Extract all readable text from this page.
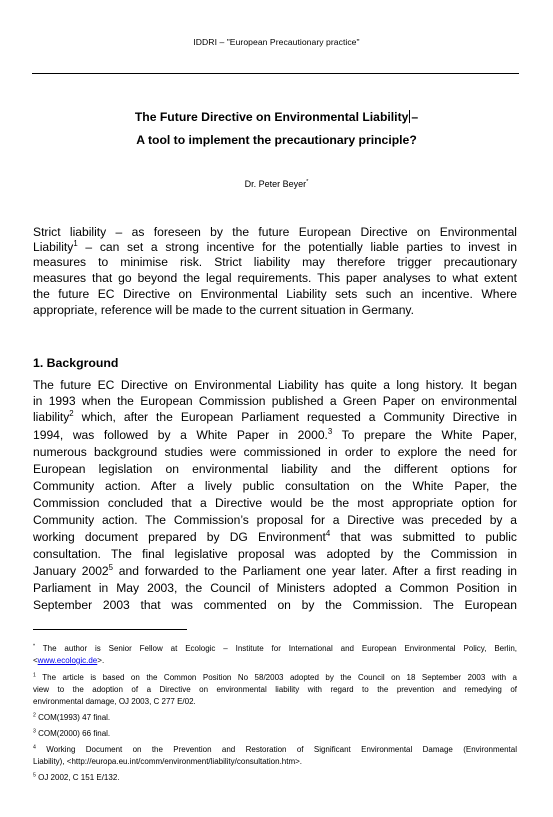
IDDRI – "European Precautionary practice"
The Future Directive on Environmental Liability –
A tool to implement the precautionary principle?
Dr. Peter Beyer*
Strict liability – as foreseen by the future European Directive on Environmental
Liability$^1$ – can set a strong incentive for the potentially liable parties to invest in
measures to minimise risk. Strict liability may therefore trigger precautionary
measures that go beyond the legal requirements. This paper analyses to what extent
the future EC Directive on Environmental Liability sets such an incentive. Where
appropriate, reference will be made to the current situation in Germany.
1. Background
The future EC Directive on Environmental Liability has quite a long history. It began
in 1993 when the European Commission published a Green Paper on environmental
liability$^2$ which, after the European Parliament requested a Community Directive in
1994, was followed by a White Paper in 2000.$^3$ To prepare the White Paper,
numerous background studies were commissioned in order to explore the need for
European legislation on environmental liability and the different options for
Community action. After a lively public consultation on the White Paper, the
Commission concluded that a Directive would be the most appropriate option for
Community action. The Commission’s proposal for a Directive was preceded by a
working document prepared by DG Environment$^4$ that was submitted to public
consultation. The final legislative proposal was adopted by the Commission in
January 2002$^5$ and forwarded to the Parliament one year later. After a first reading in
Parliament in May 2003, the Council of Ministers adopted a Common Position in
September 2003 that was commented on by the Commission. The European
* The author is Senior Fellow at Ecologic – Institute for International and European Environmental Policy, Berlin,
<www.ecologic.de>.
$^1$ The article is based on the Common Position No 58/2003 adopted by the Council on 18 September 2003 with a
view to the adoption of a Directive on environmental liability with regard to the prevention and remedying of
environmental damage, OJ 2003, C 277 E/02.
$^2$ COM(1993) 47 final.
$^3$ COM(2000) 66 final.
$^4$ Working Document on the Prevention and Restoration of Significant Environmental Damage (Environmental
Liability), <http://europa.eu.int/comm/environment/liability/consultation.htm>.
$^5$ OJ 2002, C 151 E/132.
